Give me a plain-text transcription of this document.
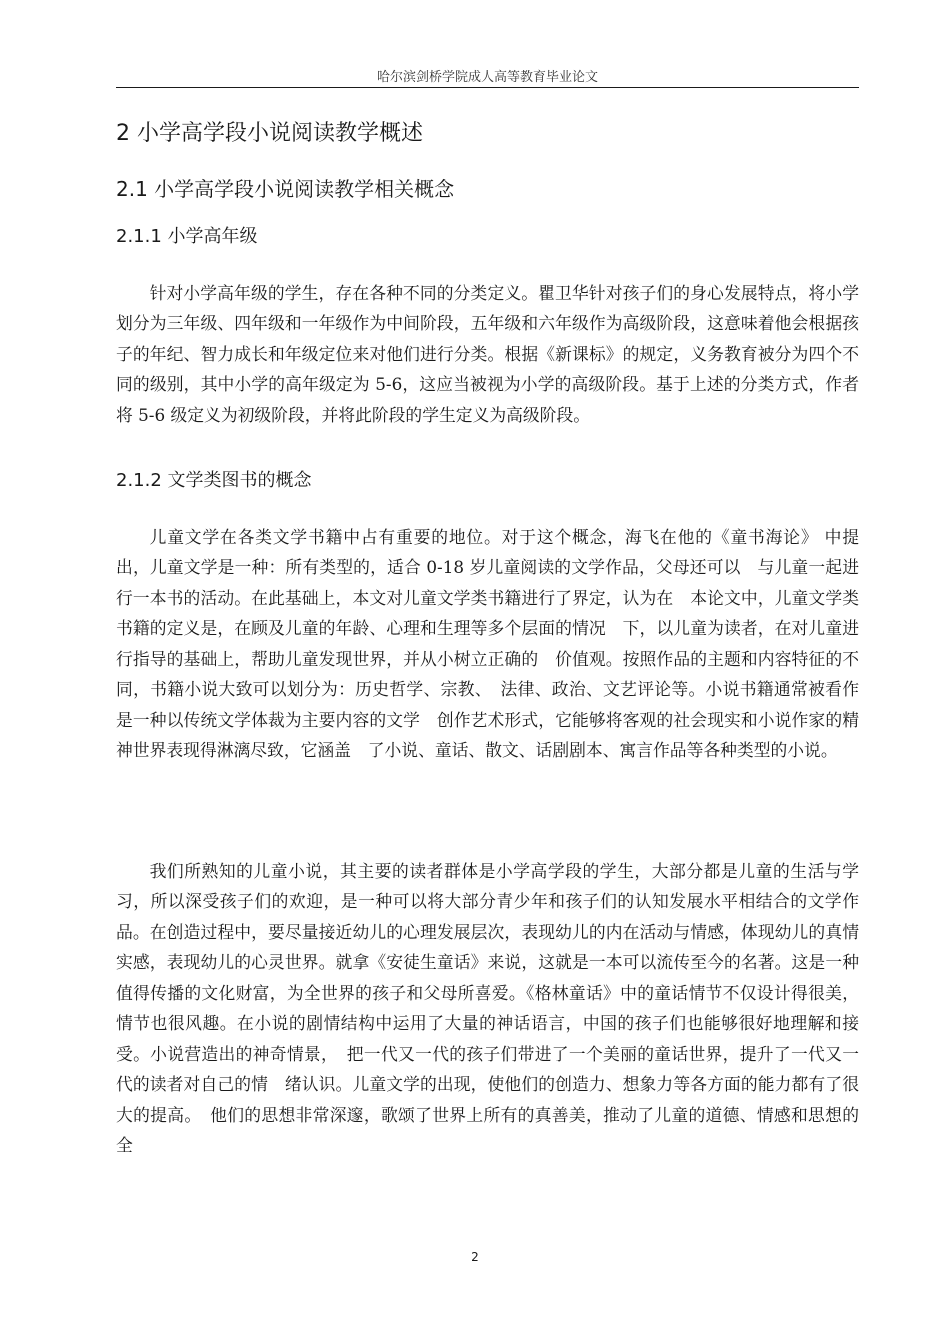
哈尔滨剑桥学院成人高等教育毕业论文
2 小学高学段小说阅读教学概述
2.1 小学高学段小说阅读教学相关概念
2.1.1 小学高年级

针对小学高年级的学生，存在各种不同的分类定义。瞿卫华针对孩子们的身心发展特点，将小学划分为三年级、四年级和一年级作为中间阶段，五年级和六年级作为高级阶段，这意味着他会根据孩子的年纪、智力成长和年级定位来对他们进行分类。根据《新课标》的规定，义务教育被分为四个不同的级别，其中小学的高年级定为 5-6，这应当被视为小学的高级阶段。基于上述的分类方式，作者将 5-6 级定义为初级阶段，并将此阶段的学生定义为高级阶段。

2.1.2 文学类图书的概念

儿童文学在各类文学书籍中占有重要的地位。对于这个概念，海飞在他的《童书海论》 中提出，儿童文学是一种：所有类型的，适合 0-18 岁儿童阅读的文学作品，父母还可以　与儿童一起进行一本书的活动。在此基础上，本文对儿童文学类书籍进行了界定，认为在　本论文中，儿童文学类书籍的定义是，在顾及儿童的年龄、心理和生理等多个层面的情况　下，以儿童为读者，在对儿童进行指导的基础上，帮助儿童发现世界，并从小树立正确的　价值观。按照作品的主题和内容特征的不同，书籍小说大致可以划分为：历史哲学、宗教、　法律、政治、文艺评论等。小说书籍通常被看作是一种以传统文学体裁为主要内容的文学　创作艺术形式，它能够将客观的社会现实和小说作家的精神世界表现得淋漓尽致，它涵盖　了小说、童话、散文、话剧剧本、寓言作品等各种类型的小说。

我们所熟知的儿童小说，其主要的读者群体是小学高学段的学生，大部分都是儿童的生活与学习，所以深受孩子们的欢迎，是一种可以将大部分青少年和孩子们的认知发展水平相结合的文学作品。在创造过程中，要尽量接近幼儿的心理发展层次，表现幼儿的内在活动与情感，体现幼儿的真情实感，表现幼儿的心灵世界。就拿《安徒生童话》来说，这就是一本可以流传至今的名著。这是一种值得传播的文化财富，为全世界的孩子和父母所喜爱。《格林童话》中的童话情节不仅设计得很美，情节也很风趣。在小说的剧情结构中运用了大量的神话语言，中国的孩子们也能够很好地理解和接受。小说营造出的神奇情景，　把一代又一代的孩子们带进了一个美丽的童话世界，提升了一代又一代的读者对自己的情　绪认识。儿童文学的出现，使他们的创造力、想象力等各方面的能力都有了很大的提高。　他们的思想非常深邃，歌颂了世界上所有的真善美，推动了儿童的道德、情感和思想的全

2
